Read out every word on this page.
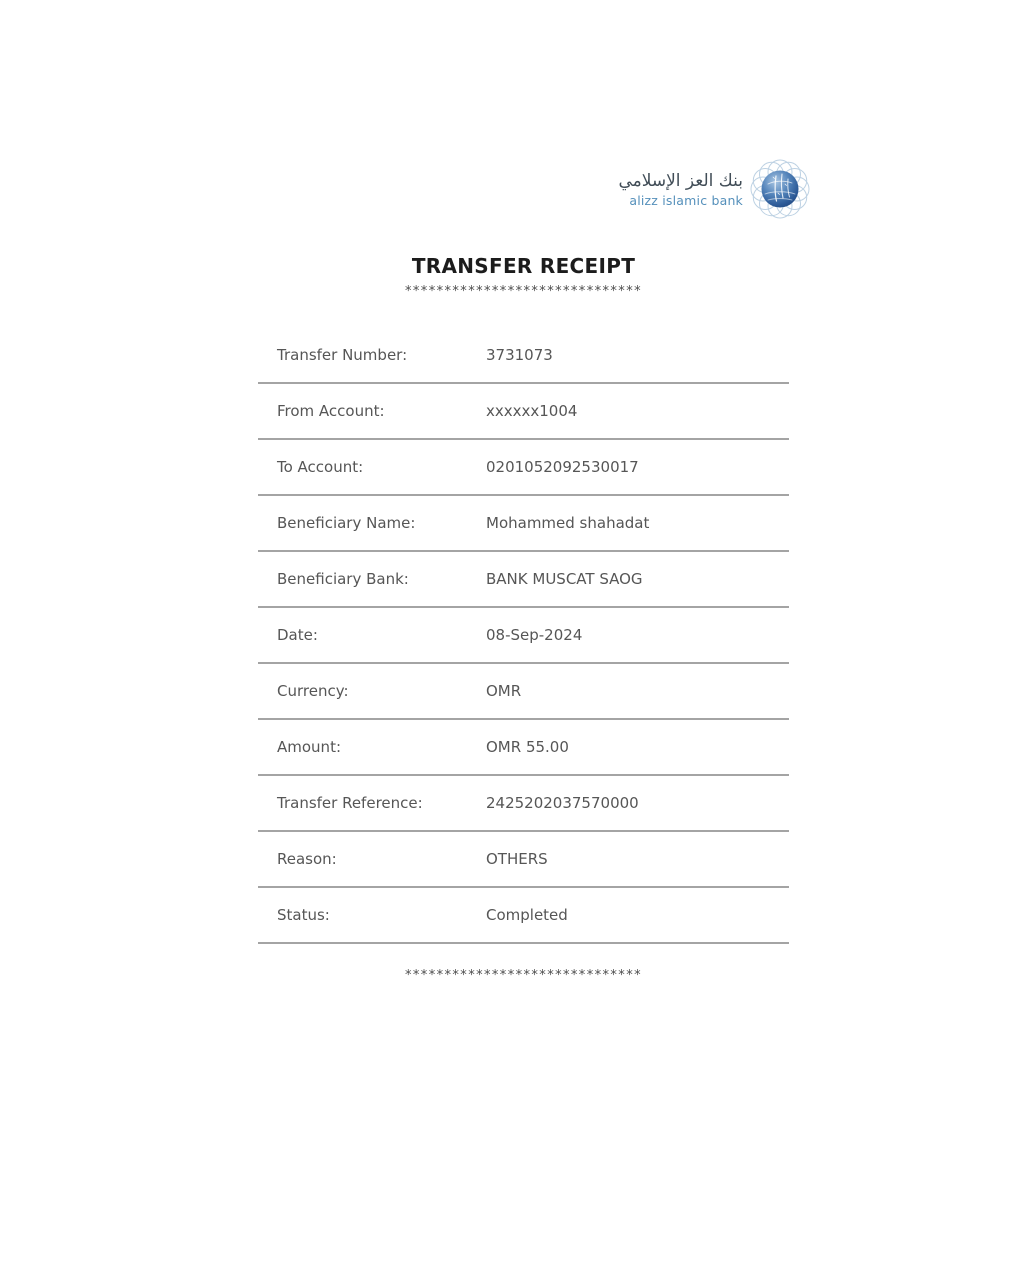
بنك العز الإسلامي
alizz islamic bank
TRANSFER RECEIPT
******************************
Transfer Number:	3731073
From Account:	xxxxxx1004
To Account:	0201052092530017
Beneficiary Name:	Mohammed shahadat
Beneficiary Bank:	BANK MUSCAT SAOG
Date:	08-Sep-2024
Currency:	OMR
Amount:	OMR 55.00
Transfer Reference:	2425202037570000
Reason:	OTHERS
Status:	Completed
******************************
